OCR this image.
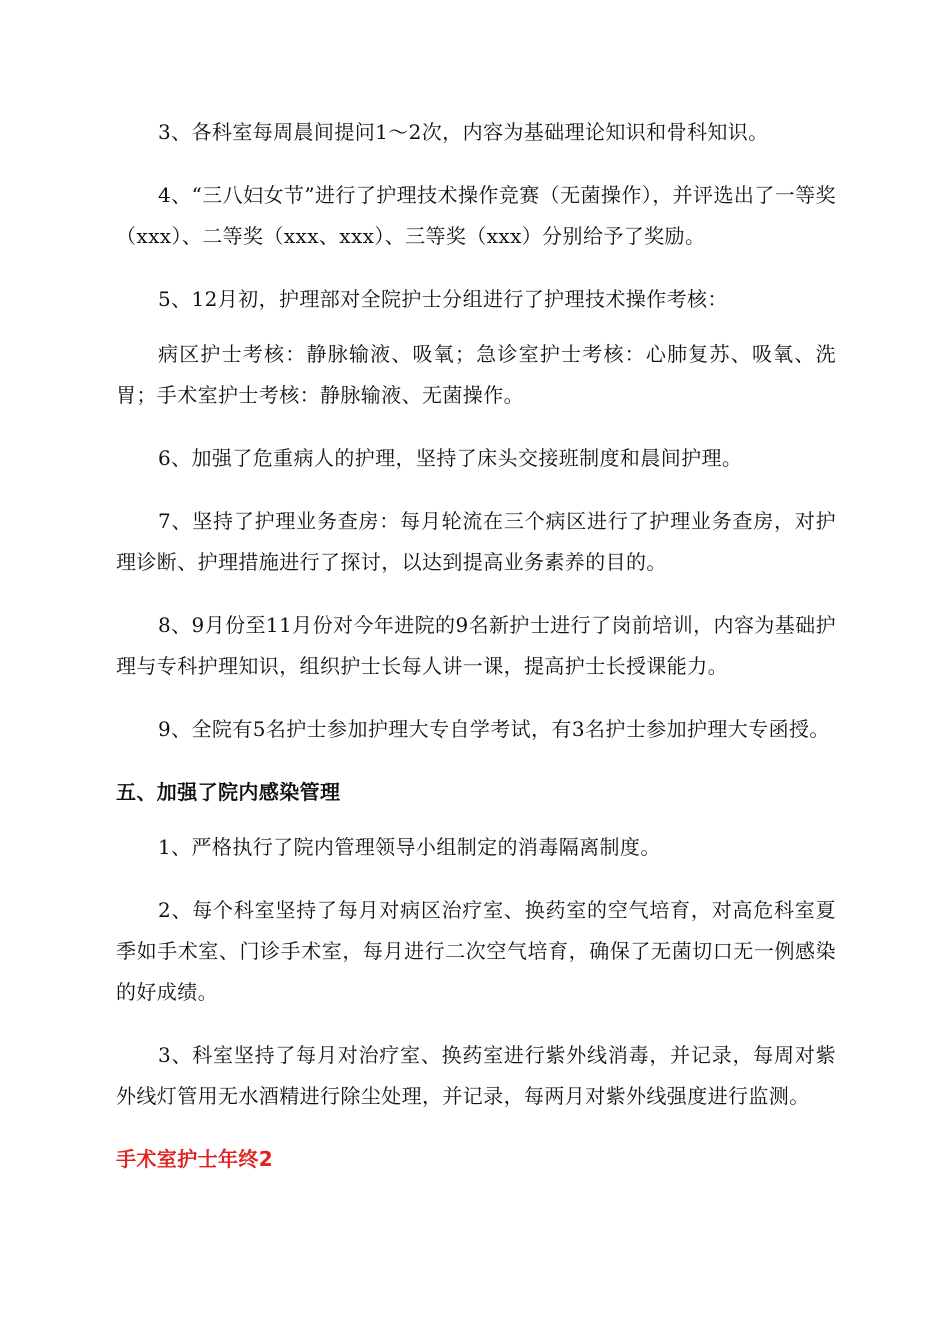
3、各科室每周晨间提问1～2次，内容为基础理论知识和骨科知识。

4、“三八妇女节”进行了护理技术操作竞赛（无菌操作），并评选出了一等奖（xxx）、二等奖（xxx、xxx）、三等奖（xxx）分别给予了奖励。

5、12月初，护理部对全院护士分组进行了护理技术操作考核：

病区护士考核：静脉输液、吸氧；急诊室护士考核：心肺复苏、吸氧、洗胃；手术室护士考核：静脉输液、无菌操作。

6、加强了危重病人的护理，坚持了床头交接班制度和晨间护理。

7、坚持了护理业务查房：每月轮流在三个病区进行了护理业务查房，对护理诊断、护理措施进行了探讨，以达到提高业务素养的目的。

8、9月份至11月份对今年进院的9名新护士进行了岗前培训，内容为基础护理与专科护理知识，组织护士长每人讲一课，提高护士长授课能力。

9、全院有5名护士参加护理大专自学考试，有3名护士参加护理大专函授。

五、加强了院内感染管理

1、严格执行了院内管理领导小组制定的消毒隔离制度。

2、每个科室坚持了每月对病区治疗室、换药室的空气培育，对高危科室夏季如手术室、门诊手术室，每月进行二次空气培育，确保了无菌切口无一例感染的好成绩。

3、科室坚持了每月对治疗室、换药室进行紫外线消毒，并记录，每周对紫外线灯管用无水酒精进行除尘处理，并记录，每两月对紫外线强度进行监测。

手术室护士年终2
